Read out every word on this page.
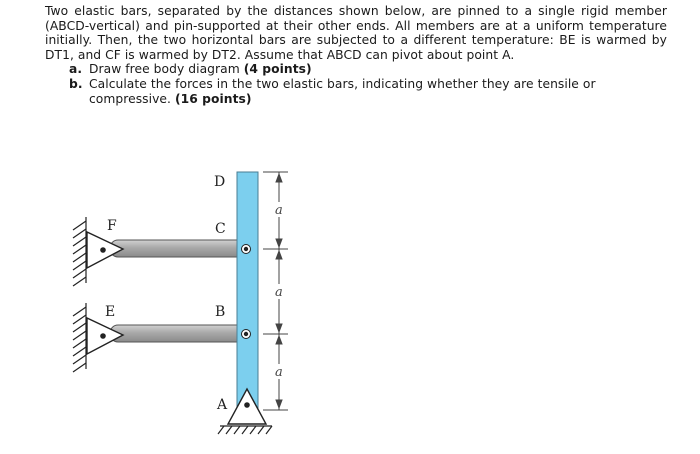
Two elastic bars, separated by the distances shown below, are pinned to a single rigid member (ABCD-vertical) and pin-supported at their other ends. All members are at a uniform temperature initially. Then, the two horizontal bars are subjected to a different temperature: BE is warmed by DT1, and CF is warmed by DT2. Assume that ABCD can pivot about point A.

a. Draw free body diagram (4 points)
b. Calculate the forces in the two elastic bars, indicating whether they are tensile or compressive. (16 points)
a
a
a
D
C
B
A
F
E
